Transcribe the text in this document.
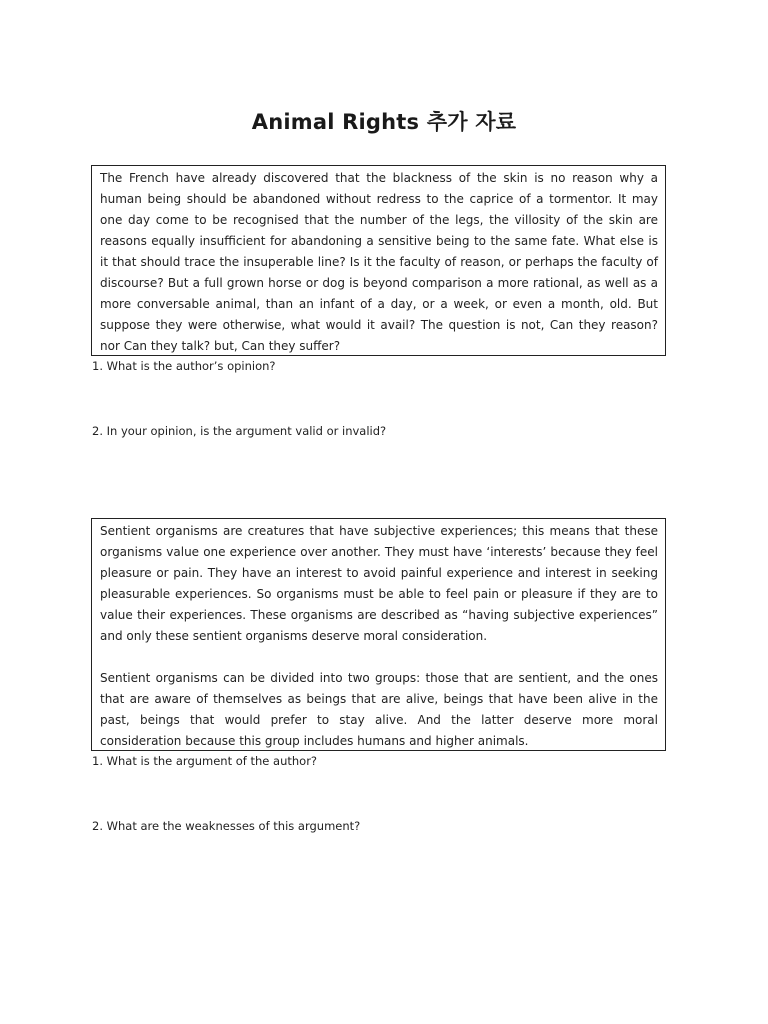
Animal Rights 추가 자료

The French have already discovered that the blackness of the skin is no reason why a human being should be abandoned without redress to the caprice of a tormentor. It may one day come to be recognised that the number of the legs, the villosity of the skin are reasons equally insufficient for abandoning a sensitive being to the same fate. What else is it that should trace the insuperable line? Is it the faculty of reason, or perhaps the faculty of discourse? But a full grown horse or dog is beyond comparison a more rational, as well as a more conversable animal, than an infant of a day, or a week, or even a month, old. But suppose they were otherwise, what would it avail? The question is not, Can they reason? nor Can they talk? but, Can they suffer?

1. What is the author’s opinion?
2. In your opinion, is the argument valid or invalid?

Sentient organisms are creatures that have subjective experiences; this means that these organisms value one experience over another. They must have ‘interests’ because they feel pleasure or pain. They have an interest to avoid painful experience and interest in seeking pleasurable experiences. So organisms must be able to feel pain or pleasure if they are to value their experiences. These organisms are described as “having subjective experiences” and only these sentient organisms deserve moral consideration.

Sentient organisms can be divided into two groups: those that are sentient, and the ones that are aware of themselves as beings that are alive, beings that have been alive in the past, beings that would prefer to stay alive. And the latter deserve more moral consideration because this group includes humans and higher animals.

1. What is the argument of the author?
2. What are the weaknesses of this argument?
